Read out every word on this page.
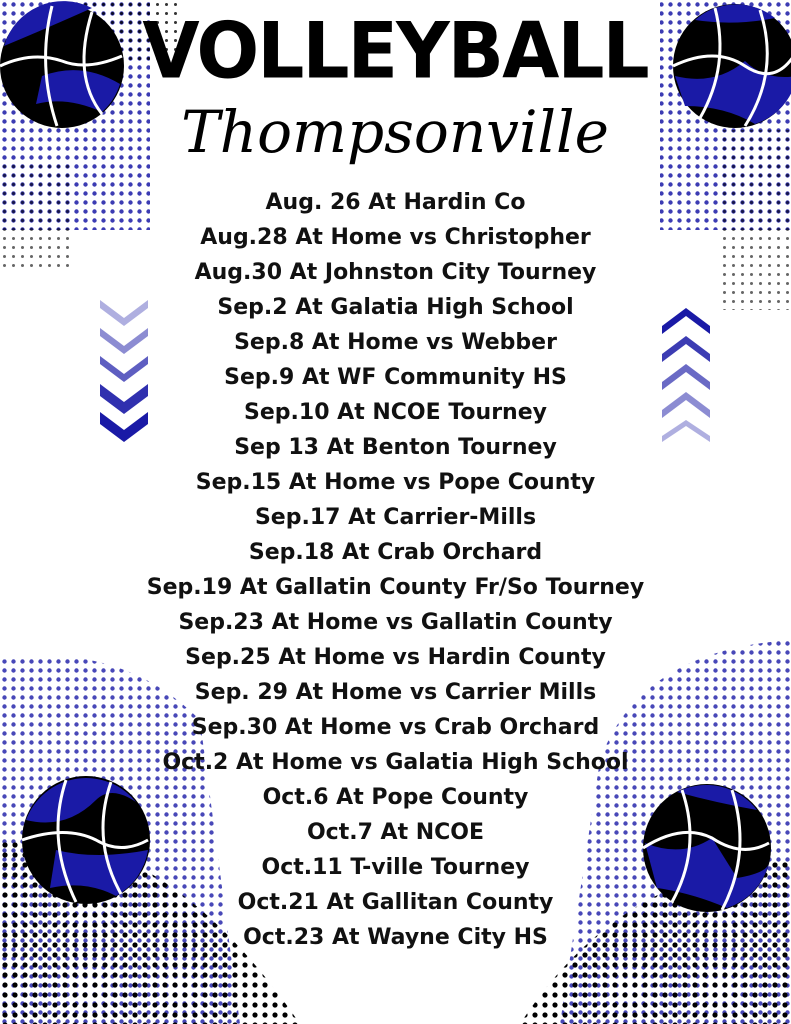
VOLLEYBALL
Thompsonville
Aug. 26 At Hardin Co
Aug.28 At Home vs Christopher
Aug.30 At Johnston City Tourney
Sep.2 At Galatia High School
Sep.8 At Home vs Webber
Sep.9 At WF Community HS
Sep.10 At NCOE Tourney
Sep 13 At Benton Tourney
Sep.15 At Home vs Pope County
Sep.17 At Carrier-Mills
Sep.18 At Crab Orchard
Sep.19 At Gallatin County Fr/So Tourney
Sep.23 At Home vs Gallatin County
Sep.25 At Home vs Hardin County
Sep. 29 At Home vs Carrier Mills
Sep.30 At Home vs Crab Orchard
Oct.2 At Home vs Galatia High School
Oct.6 At Pope County
Oct.7 At NCOE
Oct.11 T-ville Tourney
Oct.21 At Gallitan County
Oct.23 At Wayne City HS
